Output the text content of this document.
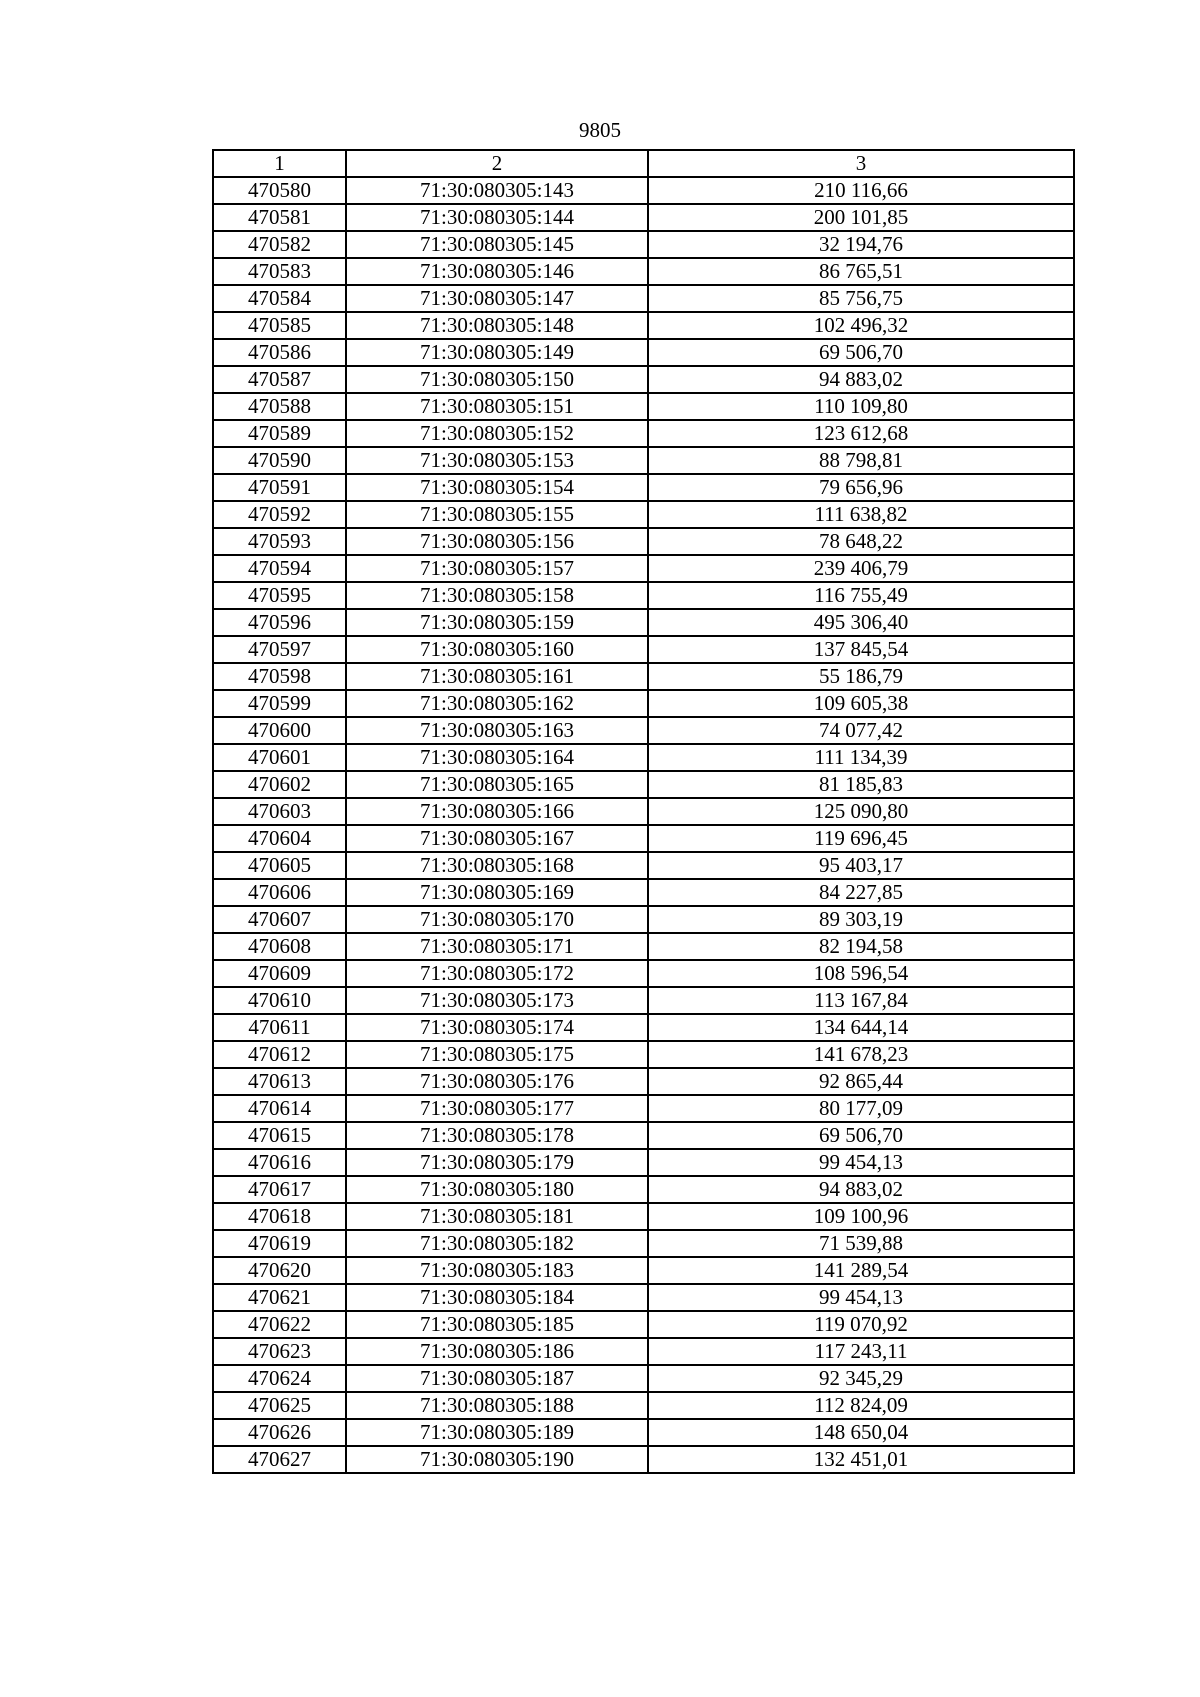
9805
1	2	3
470580	71:30:080305:143	210 116,66
470581	71:30:080305:144	200 101,85
470582	71:30:080305:145	32 194,76
470583	71:30:080305:146	86 765,51
470584	71:30:080305:147	85 756,75
470585	71:30:080305:148	102 496,32
470586	71:30:080305:149	69 506,70
470587	71:30:080305:150	94 883,02
470588	71:30:080305:151	110 109,80
470589	71:30:080305:152	123 612,68
470590	71:30:080305:153	88 798,81
470591	71:30:080305:154	79 656,96
470592	71:30:080305:155	111 638,82
470593	71:30:080305:156	78 648,22
470594	71:30:080305:157	239 406,79
470595	71:30:080305:158	116 755,49
470596	71:30:080305:159	495 306,40
470597	71:30:080305:160	137 845,54
470598	71:30:080305:161	55 186,79
470599	71:30:080305:162	109 605,38
470600	71:30:080305:163	74 077,42
470601	71:30:080305:164	111 134,39
470602	71:30:080305:165	81 185,83
470603	71:30:080305:166	125 090,80
470604	71:30:080305:167	119 696,45
470605	71:30:080305:168	95 403,17
470606	71:30:080305:169	84 227,85
470607	71:30:080305:170	89 303,19
470608	71:30:080305:171	82 194,58
470609	71:30:080305:172	108 596,54
470610	71:30:080305:173	113 167,84
470611	71:30:080305:174	134 644,14
470612	71:30:080305:175	141 678,23
470613	71:30:080305:176	92 865,44
470614	71:30:080305:177	80 177,09
470615	71:30:080305:178	69 506,70
470616	71:30:080305:179	99 454,13
470617	71:30:080305:180	94 883,02
470618	71:30:080305:181	109 100,96
470619	71:30:080305:182	71 539,88
470620	71:30:080305:183	141 289,54
470621	71:30:080305:184	99 454,13
470622	71:30:080305:185	119 070,92
470623	71:30:080305:186	117 243,11
470624	71:30:080305:187	92 345,29
470625	71:30:080305:188	112 824,09
470626	71:30:080305:189	148 650,04
470627	71:30:080305:190	132 451,01
